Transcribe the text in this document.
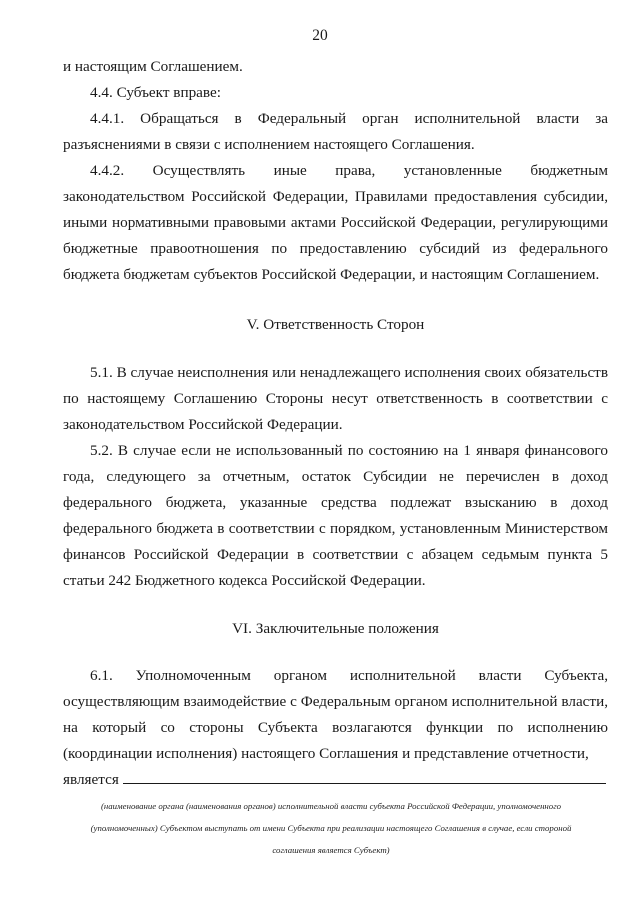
20

и настоящим Соглашением.

4.4. Субъект вправе:

4.4.1. Обращаться в Федеральный орган исполнительной власти за разъяснениями в связи с исполнением настоящего Соглашения.

4.4.2. Осуществлять иные права, установленные бюджетным законодательством Российской Федерации, Правилами предоставления субсидии, иными нормативными правовыми актами Российской Федерации, регулирующими бюджетные правоотношения по предоставлению субсидий из федерального бюджета бюджетам субъектов Российской Федерации, и настоящим Соглашением.

V. Ответственность Сторон

5.1. В случае неисполнения или ненадлежащего исполнения своих обязательств по настоящему Соглашению Стороны несут ответственность в соответствии с законодательством Российской Федерации.

5.2. В случае если не использованный по состоянию на 1 января финансового года, следующего за отчетным, остаток Субсидии не перечислен в доход федерального бюджета, указанные средства подлежат взысканию в доход федерального бюджета в соответствии с порядком, установленным Министерством финансов Российской Федерации в соответствии с абзацем седьмым пункта 5 статьи 242 Бюджетного кодекса Российской Федерации.

VI. Заключительные положения

6.1. Уполномоченным органом исполнительной власти Субъекта, осуществляющим взаимодействие с Федеральным органом исполнительной власти, на который со стороны Субъекта возлагаются функции по исполнению (координации исполнения) настоящего Соглашения и представление отчетности,

является

(наименование органа (наименования органов) исполнительной власти субъекта Российской Федерации, уполномоченного
(уполномоченных) Субъектом выступать от имени Субъекта при реализации настоящего Соглашения в случае, если стороной
соглашения является Субъект)
